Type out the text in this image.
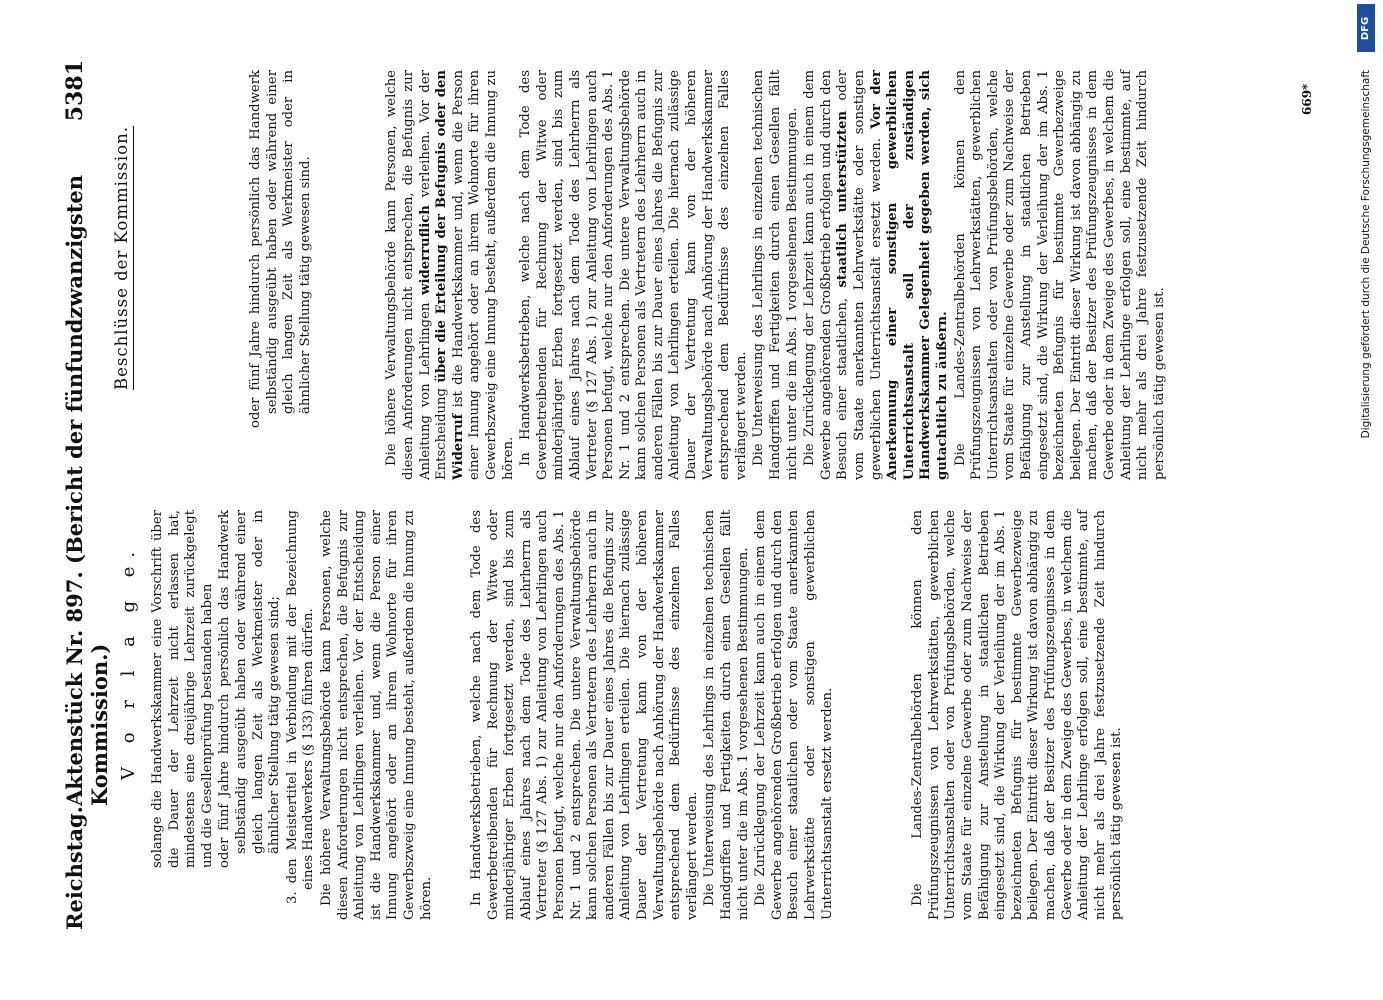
Reichstag.
Aktenstück Nr. 897. (Bericht der fünfundzwanzigsten Kommission.)
5381
V o r l a g e. solange die Handwerkskammer eine Vorschrift über die Dauer der Lehrzeit nicht erlassen hat, mindestens eine dreijährige Lehrzeit zurückgelegt und die Gesellenprüfung bestanden haben oder fünf Jahre hindurch persönlich das Handwerk selbständig ausgeübt haben oder während einer gleich langen Zeit als Werkmeister oder in ähnlicher Stellung tätig gewesen sind; 3. den Meistertitel in Verbindung mit der Bezeichnung eines Handwerkers (§ 133) führen dürfen. Die höhere Verwaltungsbehörde kann Personen, welche diesen Anforderungen nicht entsprechen, die Befugnis zur Anleitung von Lehrlingen verleihen. Vor der Entscheidung ist die Handwerkskammer und, wenn die Person einer Innung angehört oder an ihrem Wohnorte für ihren Gewerbszweig eine Innung besteht, außerdem die Innung zu hören.	In Handwerksbetrieben, welche nach dem Tode des Gewerbetreibenden für Rechnung der Witwe oder minderjähriger Erben fortgesetzt werden, sind bis zum Ablauf eines Jahres nach dem Tode des Lehrherrn als Vertreter (§ 127 Abs. 1) zur Anleitung von Lehrlingen auch Personen befugt, welche nur den Anforderungen des Abs. 1 Nr. 1 und 2 entsprechen. Die untere Verwaltungsbehörde kann solchen Personen als Vertretern des Lehrherrn auch in anderen Fällen bis zur Dauer eines Jahres die Befugnis zur Anleitung von Lehrlingen erteilen. Die hiernach zulässige Dauer der Vertretung kann von der höheren Verwaltungsbehörde nach Anhörung der Handwerkskammer entsprechend dem Bedürfnisse des einzelnen Falles verlängert werden. Die Unterweisung des Lehrlings in einzelnen technischen Handgriffen und Fertigkeiten durch einen Gesellen fällt nicht unter die im Abs. 1 vorgesehenen Bestimmungen. Die Zurücklegung der Lehrzeit kann auch in einem dem Gewerbe angehörenden Großbetrieb erfolgen und durch den Besuch einer staatlichen oder vom Staate anerkannten Lehrwerkstätte oder sonstigen gewerblichen Unterrichtsanstalt ersetzt werden.	Die Landes-Zentralbehörden können den Prüfungszeugnissen von Lehrwerkstätten, gewerblichen Unterrichtsanstalten oder von Prüfungsbehörden, welche vom Staate für einzelne Gewerbe oder zum Nachweise der Befähigung zur Anstellung in staatlichen Betrieben eingesetzt sind, die Wirkung der Verleihung der im Abs. 1 bezeichneten Befugnis für bestimmte Gewerbezweige beilegen. Der Eintritt dieser Wirkung ist davon abhängig zu machen, daß der Besitzer des Prüfungszeugnisses in dem Gewerbe oder in dem Zweige des Gewerbes, in welchem die Anleitung der Lehrlinge erfolgen soll, eine bestimmte, auf nicht mehr als drei Jahre festzusetzende Zeit hindurch persönlich tätig gewesen ist.

Beschlüsse der Kommission.	oder fünf Jahre hindurch persönlich das Handwerk selbständig ausgeübt haben oder während einer gleich langen Zeit als Werkmeister oder in ähnlicher Stellung tätig gewesen sind.	Die höhere Verwaltungsbehörde kann Personen, welche diesen Anforderungen nicht entsprechen, die Befugnis zur Anleitung von Lehrlingen widerruflich verleihen. Vor der Entscheidung über die Erteilung der Befugnis oder den Widerruf ist die Handwerkskammer und, wenn die Person einer Innung angehört oder an ihrem Wohnorte für ihren Gewerbszweig eine Innung besteht, außerdem die Innung zu hören. In Handwerksbetrieben, welche nach dem Tode des Gewerbetreibenden für Rechnung der Witwe oder minderjähriger Erben fortgesetzt werden, sind bis zum Ablauf eines Jahres nach dem Tode des Lehrherrn als Vertreter (§ 127 Abs. 1) zur Anleitung von Lehrlingen auch Personen befugt, welche nur den Anforderungen des Abs. 1 Nr. 1 und 2 entsprechen. Die untere Verwaltungsbehörde kann solchen Personen als Vertretern des Lehrherrn auch in anderen Fällen bis zur Dauer eines Jahres die Befugnis zur Anleitung von Lehrlingen erteilen. Die hiernach zulässige Dauer der Vertretung kann von der höheren Verwaltungsbehörde nach Anhörung der Handwerkskammer entsprechend dem Bedürfnisse des einzelnen Falles verlängert werden. Die Unterweisung des Lehrlings in einzelnen technischen Handgriffen und Fertigkeiten durch einen Gesellen fällt nicht unter die im Abs. 1 vorgesehenen Bestimmungen. Die Zurücklegung der Lehrzeit kann auch in einem dem Gewerbe angehörenden Großbetrieb erfolgen und durch den Besuch einer staatlichen, staatlich unterstützten oder vom Staate anerkannten Lehrwerkstätte oder sonstigen gewerblichen Unterrichtsanstalt ersetzt werden. Vor der Anerkennung einer sonstigen gewerblichen Unterrichtsanstalt soll der zuständigen Handwerkskammer Gelegenheit gegeben werden, sich gutachtlich zu äußern. Die Landes-Zentralbehörden können den Prüfungszeugnissen von Lehrwerkstätten, gewerblichen Unterrichtsanstalten oder von Prüfungsbehörden, welche vom Staate für einzelne Gewerbe oder zum Nachweise der Befähigung zur Anstellung in staatlichen Betrieben eingesetzt sind, die Wirkung der Verleihung der im Abs. 1 bezeichneten Befugnis für bestimmte Gewerbezweige beilegen. Der Eintritt dieser Wirkung ist davon abhängig zu machen, daß der Besitzer des Prüfungszeugnisses in dem Gewerbe oder in dem Zweige des Gewerbes, in welchem die Anleitung der Lehrlinge erfolgen soll, eine bestimmte, auf nicht mehr als drei Jahre festzusetzende Zeit hindurch persönlich tätig gewesen ist.

669*
DFG
Digitalisierung gefördert durch die Deutsche Forschungsgemeinschaft
